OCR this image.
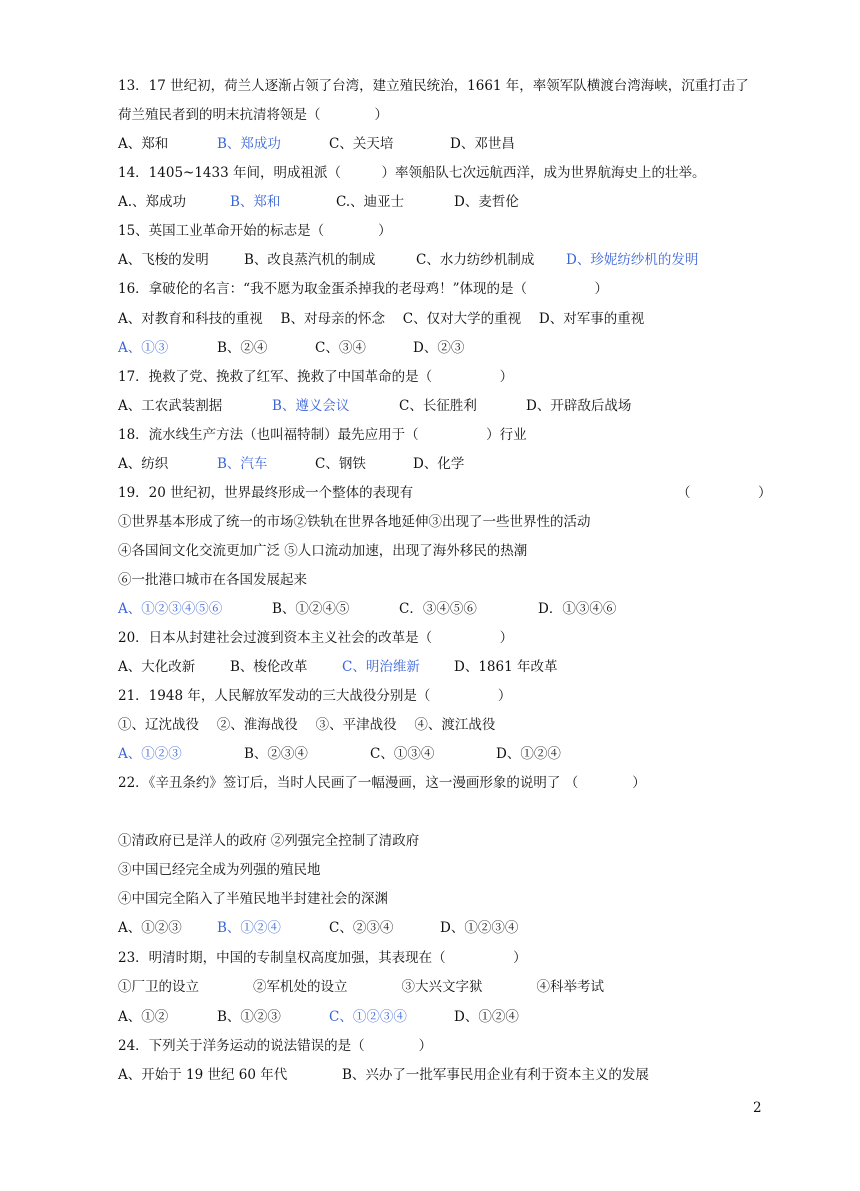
13．17 世纪初，荷兰人逐渐占领了台湾，建立殖民统治，1661 年，率领军队横渡台湾海峡，沉重打击了
荷兰殖民者到的明末抗清将领是（　　　　）
A、郑和	B、郑成功	C、关天培	D、邓世昌
14．1405~1433 年间，明成祖派（　　　）率领船队七次远航西洋，成为世界航海史上的壮举。
A.、郑成功	B、郑和	C.、迪亚士	D、麦哲伦
15、英国工业革命开始的标志是（　　　　）
A、飞梭的发明	B、改良蒸汽机的制成	C、水力纺纱机制成 D、珍妮纺纱机的发明
16．拿破伦的名言：“我不愿为取金蛋杀掉我的老母鸡！”体现的是（　　　　　）
A、对教育和科技的重视　 B、对母亲的怀念　 C、仅对大学的重视　 D、对军事的重视
A、①③	B、②④	C、③④	D、②③
17．挽救了党、挽救了红军、挽救了中国革命的是（　　　　　）
A、工农武装割据	B、遵义会议	C、长征胜利	D、开辟敌后战场
18．流水线生产方法（也叫福特制）最先应用于（　　　　　）行业
A、纺织	B、汽车	C、钢铁	D、化学
19．20 世纪初，世界最终形成一个整体的表现有	（　　　　　）
①世界基本形成了统一的市场②铁轨在世界各地延伸③出现了一些世界性的活动
④各国间文化交流更加广泛 ⑤人口流动加速，出现了海外移民的热潮
⑥一批港口城市在各国发展起来
A、①②③④⑤⑥	B、①②④⑤	C．③④⑤⑥	D．①③④⑥
20．日本从封建社会过渡到资本主义社会的改革是（　　　　　）
A、大化改新	B、梭伦改革	C、明治维新	D、1861 年改革
21．1948 年，人民解放军发动的三大战役分别是（　　　　　）
①、辽沈战役　 ②、淮海战役　 ③、平津战役　 ④、渡江战役
A、①②③	B、②③④	C、①③④	D、①②④
22．《辛丑条约》签订后，当时人民画了一幅漫画，这一漫画形象的说明了 （　　　　）
①清政府已是洋人的政府 ②列强完全控制了清政府
③中国已经完全成为列强的殖民地
④中国完全陷入了半殖民地半封建社会的深渊
A、①②③	B、①②④	C、②③④	D、①②③④
23．明清时期，中国的专制皇权高度加强，其表现在（　　　　　）
①厂卫的设立　　　　②军机处的设立　　　　③大兴文字狱　　　　④科举考试
A、①②	B、①②③	C、①②③④	D、①②④
24．下列关于洋务运动的说法错误的是（　　　　）
A、开始于 19 世纪 60 年代	B、兴办了一批军事民用企业有利于资本主义的发展
2
